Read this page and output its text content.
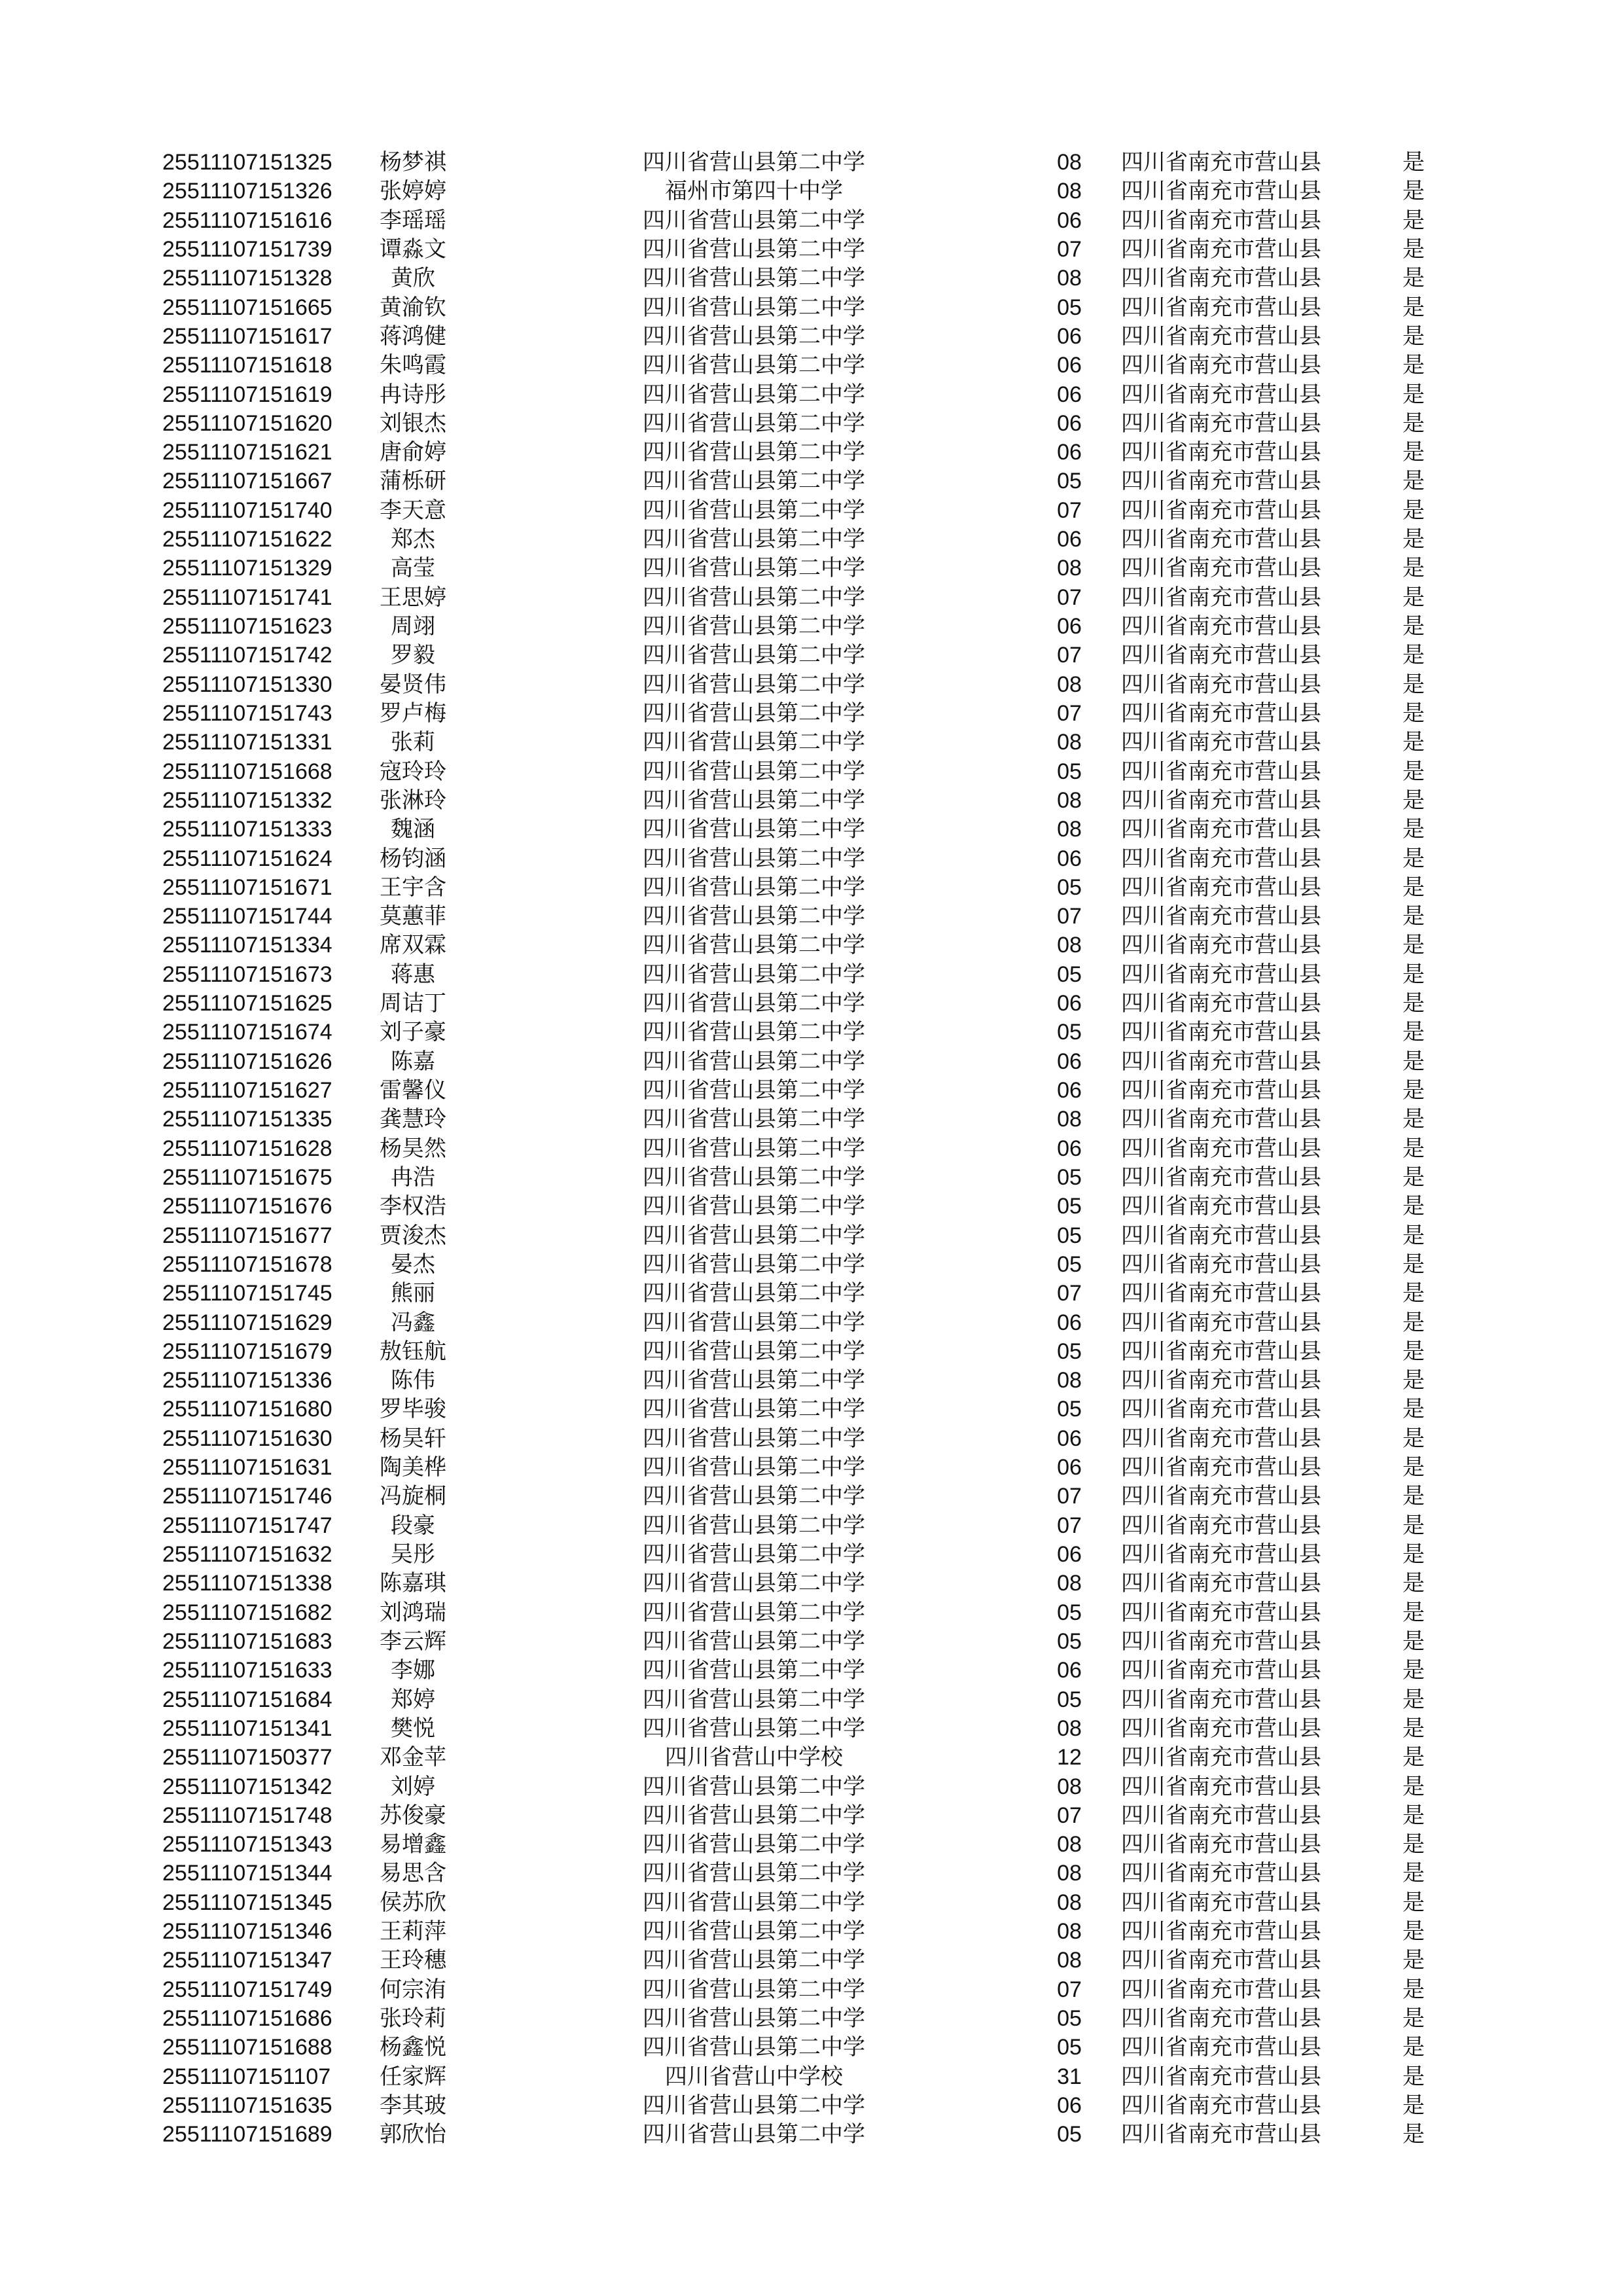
25511107151325	杨梦祺	四川省营山县第二中学	08	四川省南充市营山县	是
25511107151326	张婷婷	福州市第四十中学	08	四川省南充市营山县	是
25511107151616	李瑶瑶	四川省营山县第二中学	06	四川省南充市营山县	是
25511107151739	谭淼文	四川省营山县第二中学	07	四川省南充市营山县	是
25511107151328	黄欣	四川省营山县第二中学	08	四川省南充市营山县	是
25511107151665	黄渝钦	四川省营山县第二中学	05	四川省南充市营山县	是
25511107151617	蒋鸿健	四川省营山县第二中学	06	四川省南充市营山县	是
25511107151618	朱鸣霞	四川省营山县第二中学	06	四川省南充市营山县	是
25511107151619	冉诗彤	四川省营山县第二中学	06	四川省南充市营山县	是
25511107151620	刘银杰	四川省营山县第二中学	06	四川省南充市营山县	是
25511107151621	唐俞婷	四川省营山县第二中学	06	四川省南充市营山县	是
25511107151667	蒲栎研	四川省营山县第二中学	05	四川省南充市营山县	是
25511107151740	李天意	四川省营山县第二中学	07	四川省南充市营山县	是
25511107151622	郑杰	四川省营山县第二中学	06	四川省南充市营山县	是
25511107151329	高莹	四川省营山县第二中学	08	四川省南充市营山县	是
25511107151741	王思婷	四川省营山县第二中学	07	四川省南充市营山县	是
25511107151623	周翊	四川省营山县第二中学	06	四川省南充市营山县	是
25511107151742	罗毅	四川省营山县第二中学	07	四川省南充市营山县	是
25511107151330	晏贤伟	四川省营山县第二中学	08	四川省南充市营山县	是
25511107151743	罗卢梅	四川省营山县第二中学	07	四川省南充市营山县	是
25511107151331	张莉	四川省营山县第二中学	08	四川省南充市营山县	是
25511107151668	寇玲玲	四川省营山县第二中学	05	四川省南充市营山县	是
25511107151332	张淋玲	四川省营山县第二中学	08	四川省南充市营山县	是
25511107151333	魏涵	四川省营山县第二中学	08	四川省南充市营山县	是
25511107151624	杨钧涵	四川省营山县第二中学	06	四川省南充市营山县	是
25511107151671	王宇含	四川省营山县第二中学	05	四川省南充市营山县	是
25511107151744	莫蕙菲	四川省营山县第二中学	07	四川省南充市营山县	是
25511107151334	席双霖	四川省营山县第二中学	08	四川省南充市营山县	是
25511107151673	蒋惠	四川省营山县第二中学	05	四川省南充市营山县	是
25511107151625	周诘丁	四川省营山县第二中学	06	四川省南充市营山县	是
25511107151674	刘子豪	四川省营山县第二中学	05	四川省南充市营山县	是
25511107151626	陈嘉	四川省营山县第二中学	06	四川省南充市营山县	是
25511107151627	雷馨仪	四川省营山县第二中学	06	四川省南充市营山县	是
25511107151335	龚慧玲	四川省营山县第二中学	08	四川省南充市营山县	是
25511107151628	杨昊然	四川省营山县第二中学	06	四川省南充市营山县	是
25511107151675	冉浩	四川省营山县第二中学	05	四川省南充市营山县	是
25511107151676	李权浩	四川省营山县第二中学	05	四川省南充市营山县	是
25511107151677	贾浚杰	四川省营山县第二中学	05	四川省南充市营山县	是
25511107151678	晏杰	四川省营山县第二中学	05	四川省南充市营山县	是
25511107151745	熊丽	四川省营山县第二中学	07	四川省南充市营山县	是
25511107151629	冯鑫	四川省营山县第二中学	06	四川省南充市营山县	是
25511107151679	敖钰航	四川省营山县第二中学	05	四川省南充市营山县	是
25511107151336	陈伟	四川省营山县第二中学	08	四川省南充市营山县	是
25511107151680	罗毕骏	四川省营山县第二中学	05	四川省南充市营山县	是
25511107151630	杨昊轩	四川省营山县第二中学	06	四川省南充市营山县	是
25511107151631	陶美桦	四川省营山县第二中学	06	四川省南充市营山县	是
25511107151746	冯旋桐	四川省营山县第二中学	07	四川省南充市营山县	是
25511107151747	段豪	四川省营山县第二中学	07	四川省南充市营山县	是
25511107151632	吴彤	四川省营山县第二中学	06	四川省南充市营山县	是
25511107151338	陈嘉琪	四川省营山县第二中学	08	四川省南充市营山县	是
25511107151682	刘鸿瑞	四川省营山县第二中学	05	四川省南充市营山县	是
25511107151683	李云辉	四川省营山县第二中学	05	四川省南充市营山县	是
25511107151633	李娜	四川省营山县第二中学	06	四川省南充市营山县	是
25511107151684	郑婷	四川省营山县第二中学	05	四川省南充市营山县	是
25511107151341	樊悦	四川省营山县第二中学	08	四川省南充市营山县	是
25511107150377	邓金苹	四川省营山中学校	12	四川省南充市营山县	是
25511107151342	刘婷	四川省营山县第二中学	08	四川省南充市营山县	是
25511107151748	苏俊豪	四川省营山县第二中学	07	四川省南充市营山县	是
25511107151343	易增鑫	四川省营山县第二中学	08	四川省南充市营山县	是
25511107151344	易思含	四川省营山县第二中学	08	四川省南充市营山县	是
25511107151345	侯苏欣	四川省营山县第二中学	08	四川省南充市营山县	是
25511107151346	王莉萍	四川省营山县第二中学	08	四川省南充市营山县	是
25511107151347	王玲穗	四川省营山县第二中学	08	四川省南充市营山县	是
25511107151749	何宗洧	四川省营山县第二中学	07	四川省南充市营山县	是
25511107151686	张玲莉	四川省营山县第二中学	05	四川省南充市营山县	是
25511107151688	杨鑫悦	四川省营山县第二中学	05	四川省南充市营山县	是
25511107151107	任家辉	四川省营山中学校	31	四川省南充市营山县	是
25511107151635	李其玻	四川省营山县第二中学	06	四川省南充市营山县	是
25511107151689	郭欣怡	四川省营山县第二中学	05	四川省南充市营山县	是
